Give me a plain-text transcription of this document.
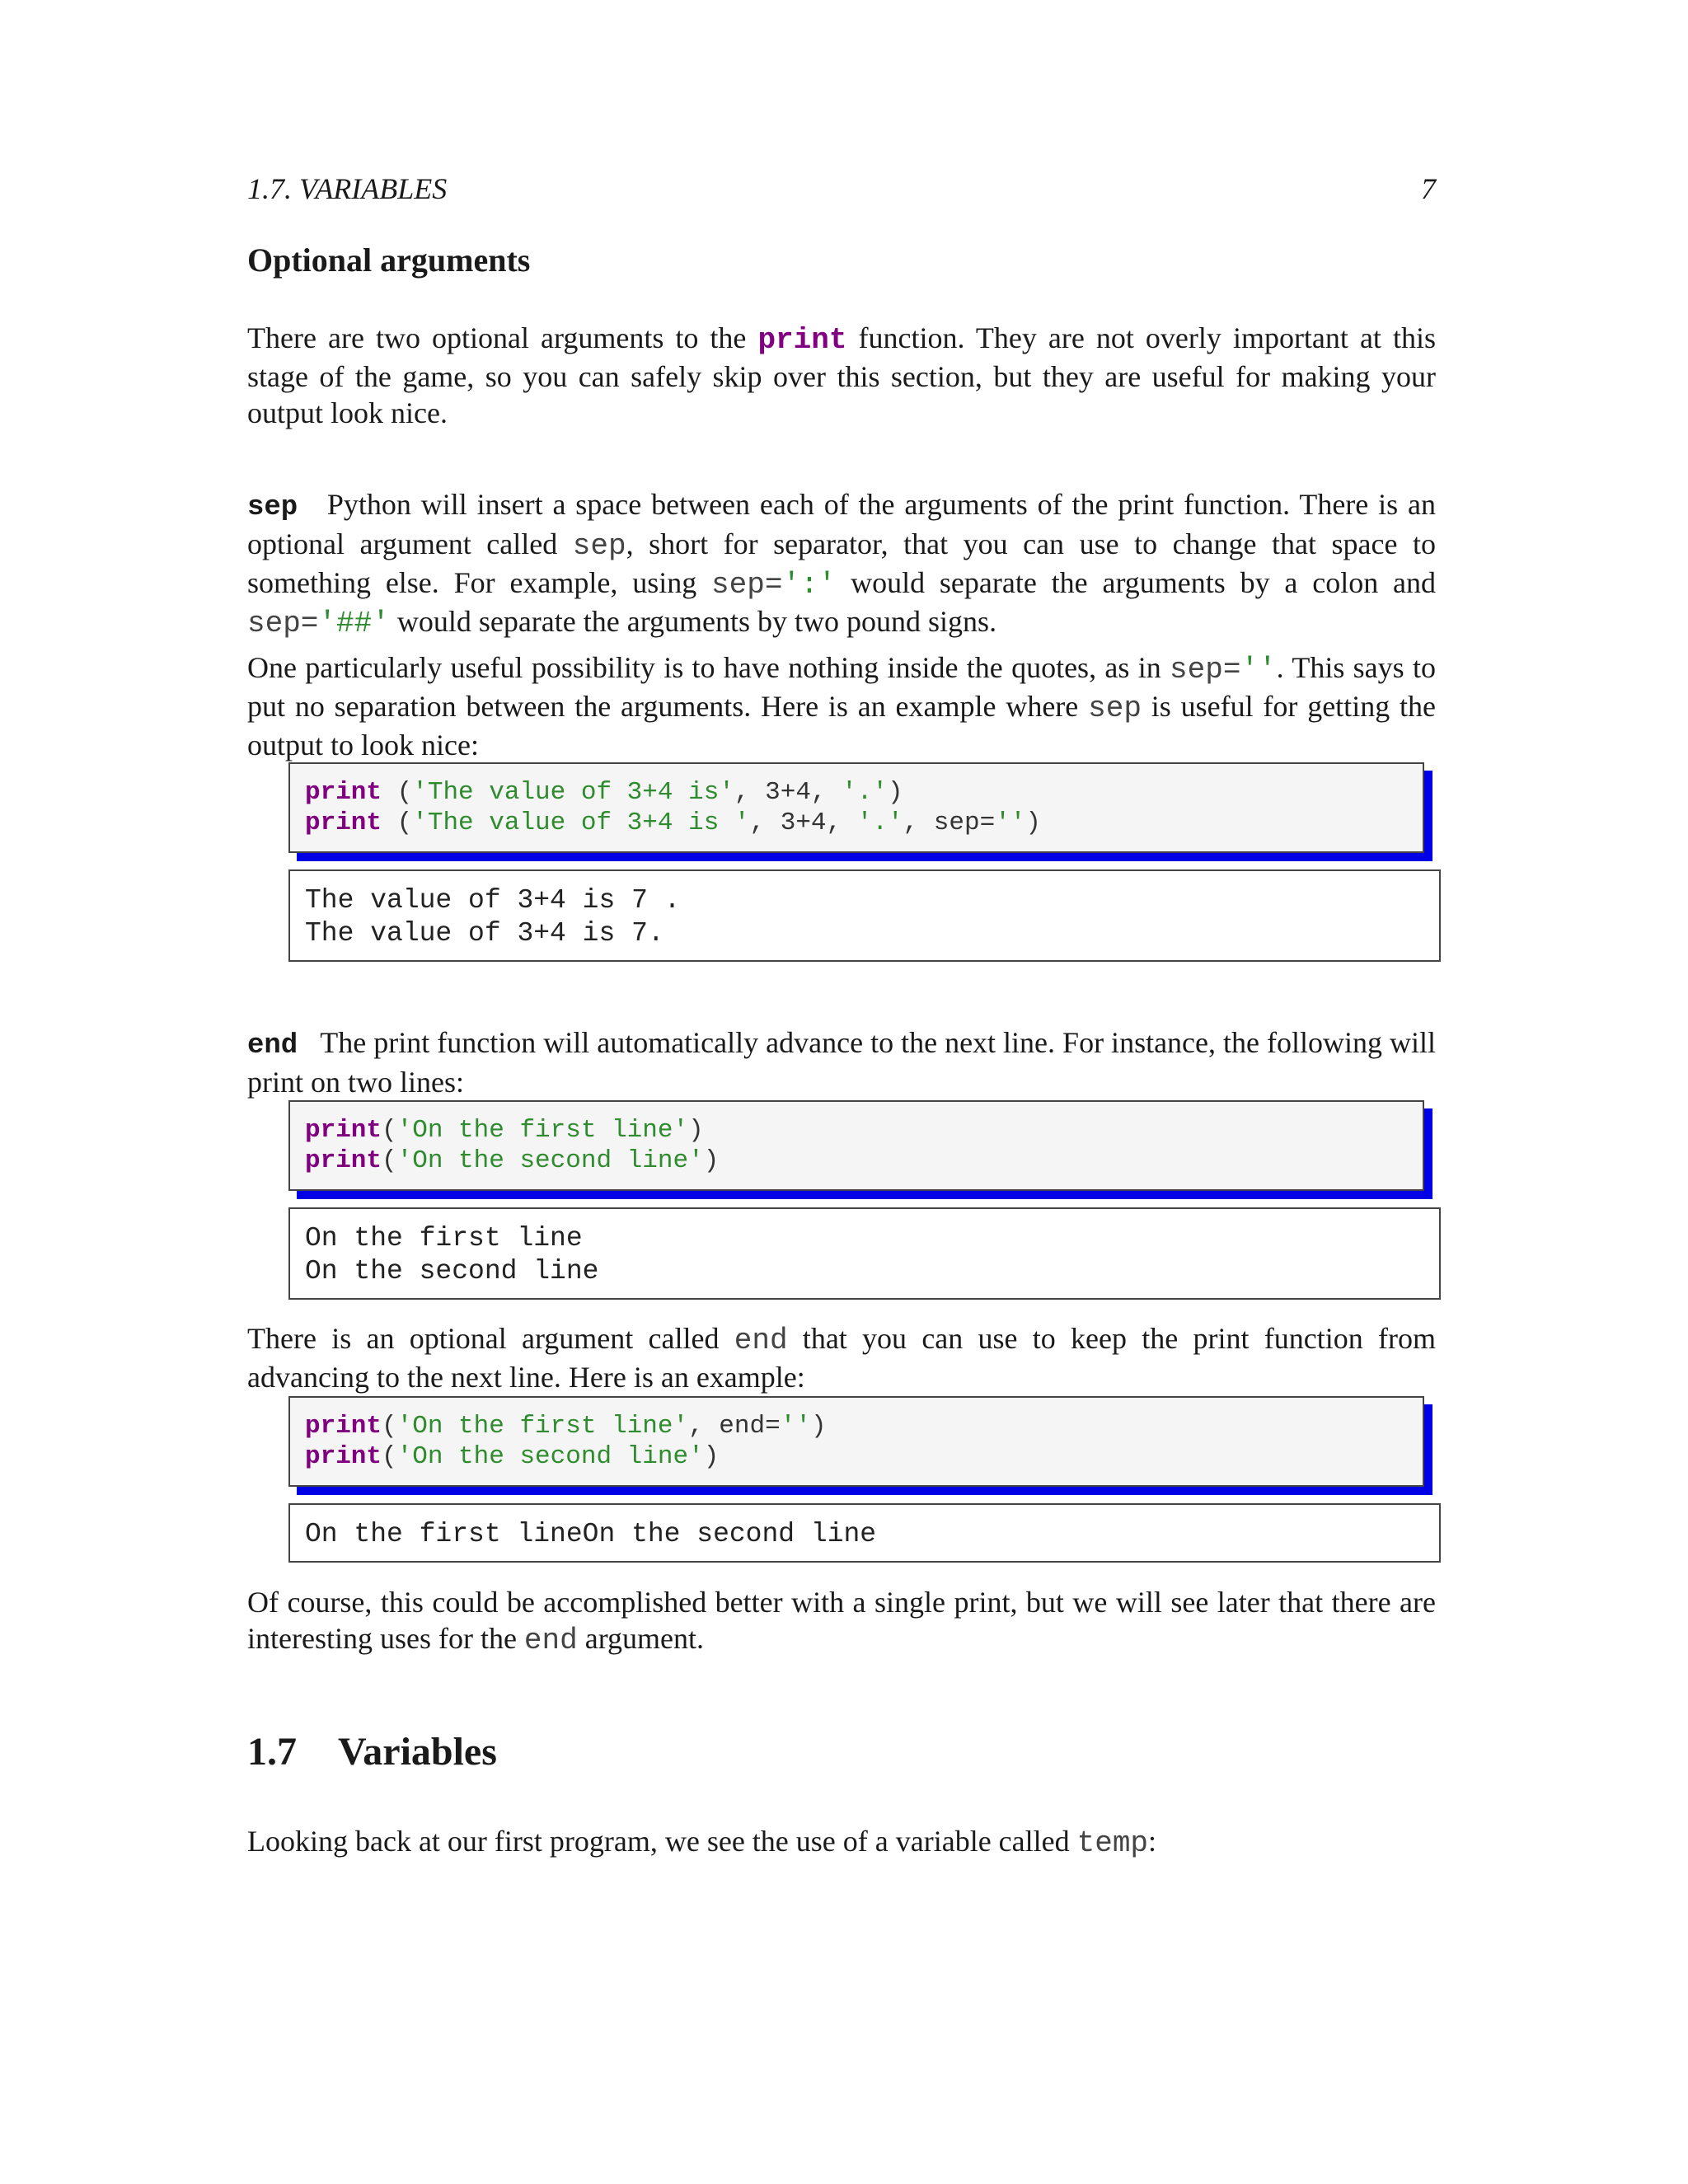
1.7. VARIABLES	7
Optional arguments
There are two optional arguments to the print function. They are not overly important at this stage of the game, so you can safely skip over this section, but they are useful for making your output look nice.
sep Python will insert a space between each of the arguments of the print function. There is an optional argument called sep, short for separator, that you can use to change that space to something else. For example, using sep=':' would separate the arguments by a colon and sep='##' would separate the arguments by two pound signs.
One particularly useful possibility is to have nothing inside the quotes, as in sep=''. This says to put no separation between the arguments. Here is an example where sep is useful for getting the output to look nice:
print ('The value of 3+4 is', 3+4, '.')
print ('The value of 3+4 is ', 3+4, '.', sep='')
The value of 3+4 is 7 .
The value of 3+4 is 7.
end The print function will automatically advance to the next line. For instance, the following will print on two lines:
print('On the first line')
print('On the second line')
On the first line
On the second line
There is an optional argument called end that you can use to keep the print function from advancing to the next line. Here is an example:
print('On the first line', end='')
print('On the second line')
On the first lineOn the second line
Of course, this could be accomplished better with a single print, but we will see later that there are interesting uses for the end argument.
1.7 Variables
Looking back at our first program, we see the use of a variable called temp:
